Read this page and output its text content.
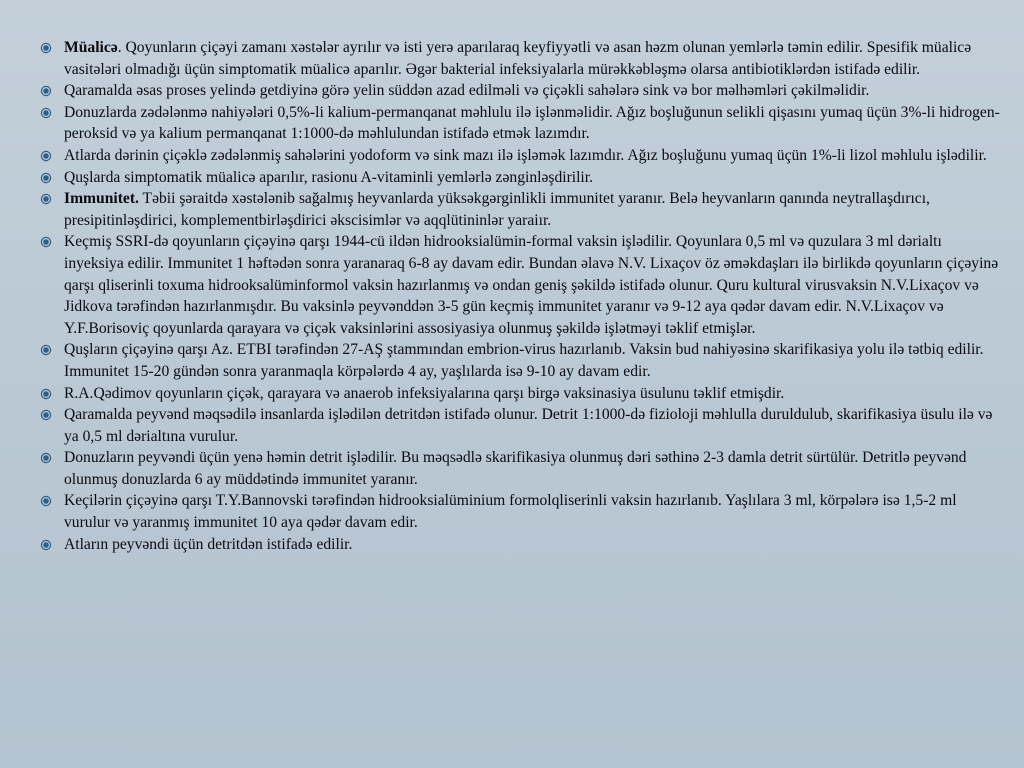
Müalicə. Qoyunların çiçəyi zamanı xəstələr ayrılır və isti yerə aparılaraq keyfiyyətli və asan həzm olunan yemlərlə təmin edilir. Spesifik müalicə vasitələri olmadığı üçün simptomatik müalicə aparılır. Əgər bakterial infeksiyalarla mürəkkəbləşmə olarsa antibiotiklərdən istifadə edilir.
Qaramalda əsas proses yelində getdiyinə görə yelin süddən azad edilməli və çiçəkli sahələrə sink və bor məlhəmləri çəkilməlidir.
Donuzlarda zədələnmə nahiyələri 0,5%-li kalium-permanqanat məhlulu ilə işlənməlidir. Ağız boşluğunun selikli qişasını yumaq üçün 3%-li hidrogen-peroksid və ya kalium permanqanat 1:1000-də məhlulundan istifadə etmək lazımdır.
Atlarda dərinin çiçəklə zədələnmiş sahələrini yodoform və sink mazı ilə işləmək lazımdır. Ağız boşluğunu yumaq üçün 1%-li lizol məhlulu işlədilir.
Quşlarda simptomatik müalicə aparılır, rasionu A-vitaminli yemlərlə zənginləşdirilir.
Immunitet. Təbii şəraitdə xəstələnib sağalmış heyvanlarda yüksəkgərginlikli immunitet yaranır. Belə heyvanların qanında neytrallaşdırıcı, presipitinləşdirici, komplementbirləşdirici əkscisimlər və aqqlütininlər yaraiır.
Keçmiş SSRI-də qoyunların çiçəyinə qarşı 1944-cü ildən hidrooksialümin-formal vaksin işlədilir. Qoyunlara 0,5 ml və quzulara 3 ml dərialtı inyeksiya edilir. Immunitet 1 həftədən sonra yaranaraq 6-8 ay davam edir. Bundan əlavə N.V. Lixaçov öz əməkdaşları ilə birlikdə qoyunların çiçəyinə qarşı qliserinli toxuma hidrooksalüminformol vaksin hazırlanmış və ondan geniş şəkildə istifadə olunur. Quru kultural virusvaksin N.V.Lixaçov və Jidkova tərəfindən hazırlanmışdır. Bu vaksinlə peyvənddən 3-5 gün keçmiş immunitet yaranır və 9-12 aya qədər davam edir. N.V.Lixaçov və Y.F.Borisoviç qoyunlarda qarayara və çiçək vaksinlərini assosiyasiya olunmuş şəkildə işlətməyi təklif etmişlər.
Quşların çiçəyinə qarşı Az. ETBI tərəfindən 27-AŞ ştammından embrion-virus hazırlanıb. Vaksin bud nahiyəsinə skarifikasiya yolu ilə tətbiq edilir. Immunitet 15-20 gündən sonra yaranmaqla körpələrdə 4 ay, yaşlılarda isə 9-10 ay davam edir.
R.A.Qədimov qoyunların çiçək, qarayara və anaerob infeksiyalarına qarşı birgə vaksinasiya üsulunu təklif etmişdir.
Qaramalda peyvənd məqsədilə insanlarda işlədilən detritdən istifadə olunur. Detrit 1:1000-də fizioloji məhlulla duruldulub, skarifikasiya üsulu ilə və ya 0,5 ml dərialtına vurulur.
Donuzların peyvəndi üçün yenə həmin detrit işlədilir. Bu məqsədlə skarifikasiya olunmuş dəri səthinə 2-3 damla detrit sürtülür. Detritlə peyvənd olunmuş donuzlarda 6 ay müddətində immunitet yaranır.
Keçilərin çiçəyinə qarşı T.Y.Bannovski tərəfindən hidrooksialüminium formolqliserinli vaksin hazırlanıb. Yaşlılara 3 ml, körpələrə isə 1,5-2 ml vurulur və yaranmış immunitet 10 aya qədər davam edir.
Atların peyvəndi üçün detritdən istifadə edilir.
